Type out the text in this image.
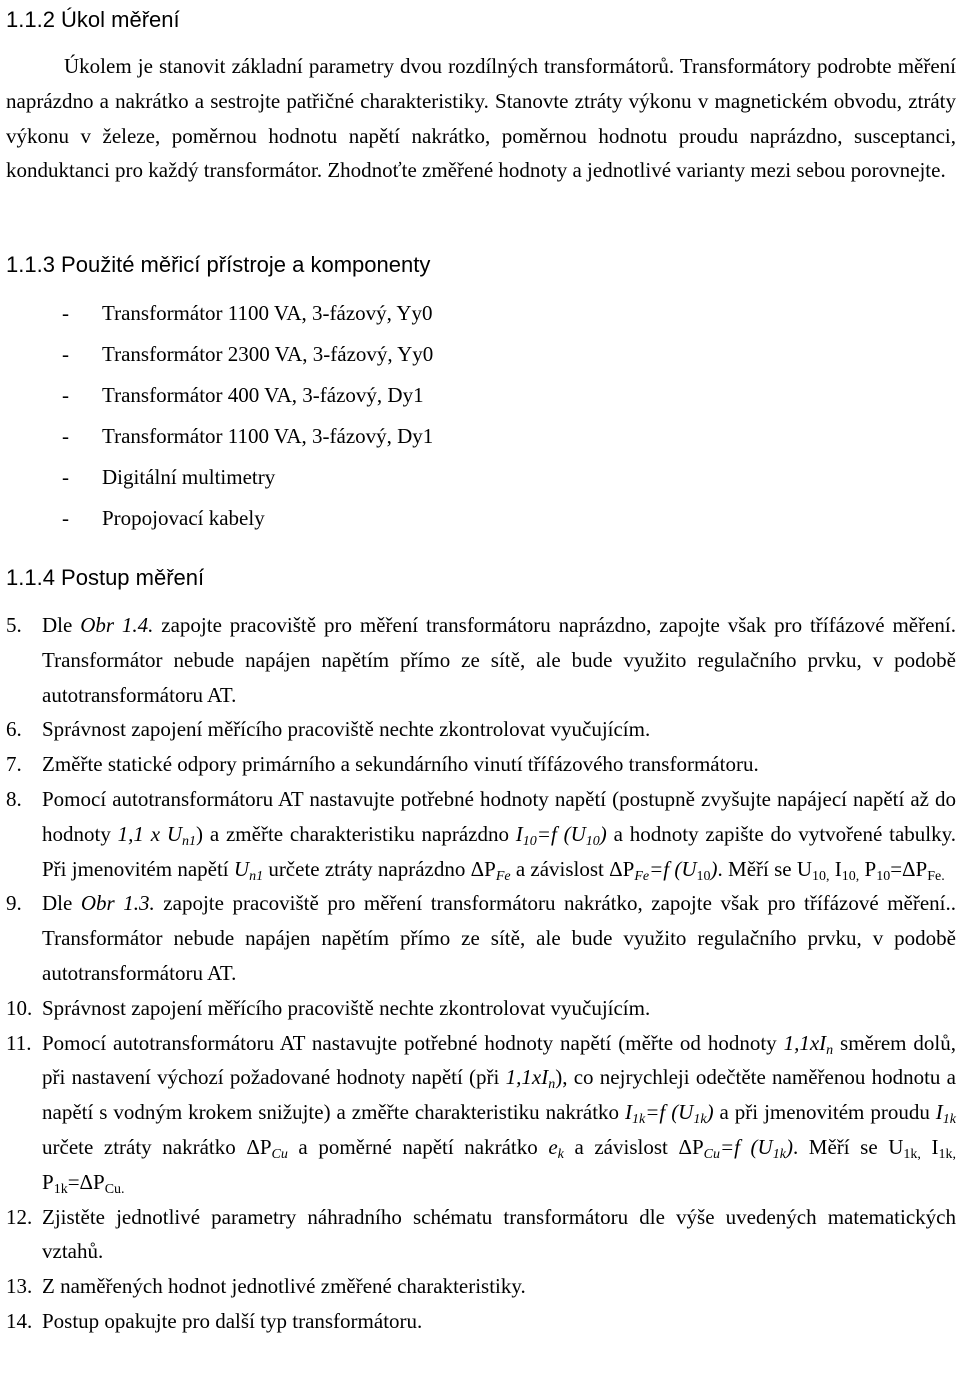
1.1.2 Úkol měření

Úkolem je stanovit základní parametry dvou rozdílných transformátorů. Transformátory podrobte měření naprázdno a nakrátko a sestrojte patřičné charakteristiky. Stanovte ztráty výkonu v magnetickém obvodu, ztráty výkonu v železe, poměrnou hodnotu napětí nakrátko, poměrnou hodnotu proudu naprázdno, susceptanci, konduktanci pro každý transformátor. Zhodnoťte změřené hodnoty a jednotlivé varianty mezi sebou porovnejte.

1.1.3 Použité měřicí přístroje a komponenty
- Transformátor 1100 VA, 3-fázový, Yy0
- Transformátor 2300 VA, 3-fázový, Yy0
- Transformátor 400 VA, 3-fázový, Dy1
- Transformátor 1100 VA, 3-fázový, Dy1
- Digitální multimetry
- Propojovací kabely
1.1.4 Postup měření
5. Dle Obr 1.4. zapojte pracoviště pro měření transformátoru naprázdno, zapojte však pro třífázové měření. Transformátor nebude napájen napětím přímo ze sítě, ale bude využito regulačního prvku, v podobě autotransformátoru AT.
6. Správnost zapojení měřícího pracoviště nechte zkontrolovat vyučujícím.
7. Změřte statické odpory primárního a sekundárního vinutí třífázového transformátoru.
8. Pomocí autotransformátoru AT nastavujte potřebné hodnoty napětí (postupně zvyšujte napájecí napětí až do hodnoty 1,1 x $U_{n1}$) a změřte charakteristiku naprázdno $I_{10}=f$ $(U_{10})$ a hodnoty zapište do vytvořené tabulky. Při jmenovitém napětí $U_{n1}$ určete ztráty naprázdno $\Delta P_{Fe}$ a závislost $\Delta P_{Fe}=f$ $(U_{10})$. Měří se $U_{10,}$ $I_{10,}$ $P_{10}=\Delta P_{Fe.}$
9. Dle Obr 1.3. zapojte pracoviště pro měření transformátoru nakrátko, zapojte však pro třífázové měření.. Transformátor nebude napájen napětím přímo ze sítě, ale bude využito regulačního prvku, v podobě autotransformátoru AT.
10. Správnost zapojení měřícího pracoviště nechte zkontrolovat vyučujícím.
11. Pomocí autotransformátoru AT nastavujte potřebné hodnoty napětí (měřte od hodnoty $1,1xI_n$ směrem dolů, při nastavení výchozí požadované hodnoty napětí (při $1,1xI_n$), co nejrychleji odečtěte naměřenou hodnotu a napětí s vodným krokem snižujte) a změřte charakteristiku nakrátko $I_{1k}=f$ $(U_{1k})$ a při jmenovitém proudu $I_{1k}$ určete ztráty nakrátko $\Delta P_{Cu}$ a poměrné napětí nakrátko $e_k$ a závislost $\Delta P_{Cu}=f$ $(U_{1k})$. Měří se $U_{1k,}$ $I_{1k,}$ $P_{1k}=\Delta P_{Cu.}$
12. Zjistěte jednotlivé parametry náhradního schématu transformátoru dle výše uvedených matematických vztahů.
13. Z naměřených hodnot jednotlivé změřené charakteristiky.
14. Postup opakujte pro další typ transformátoru.
